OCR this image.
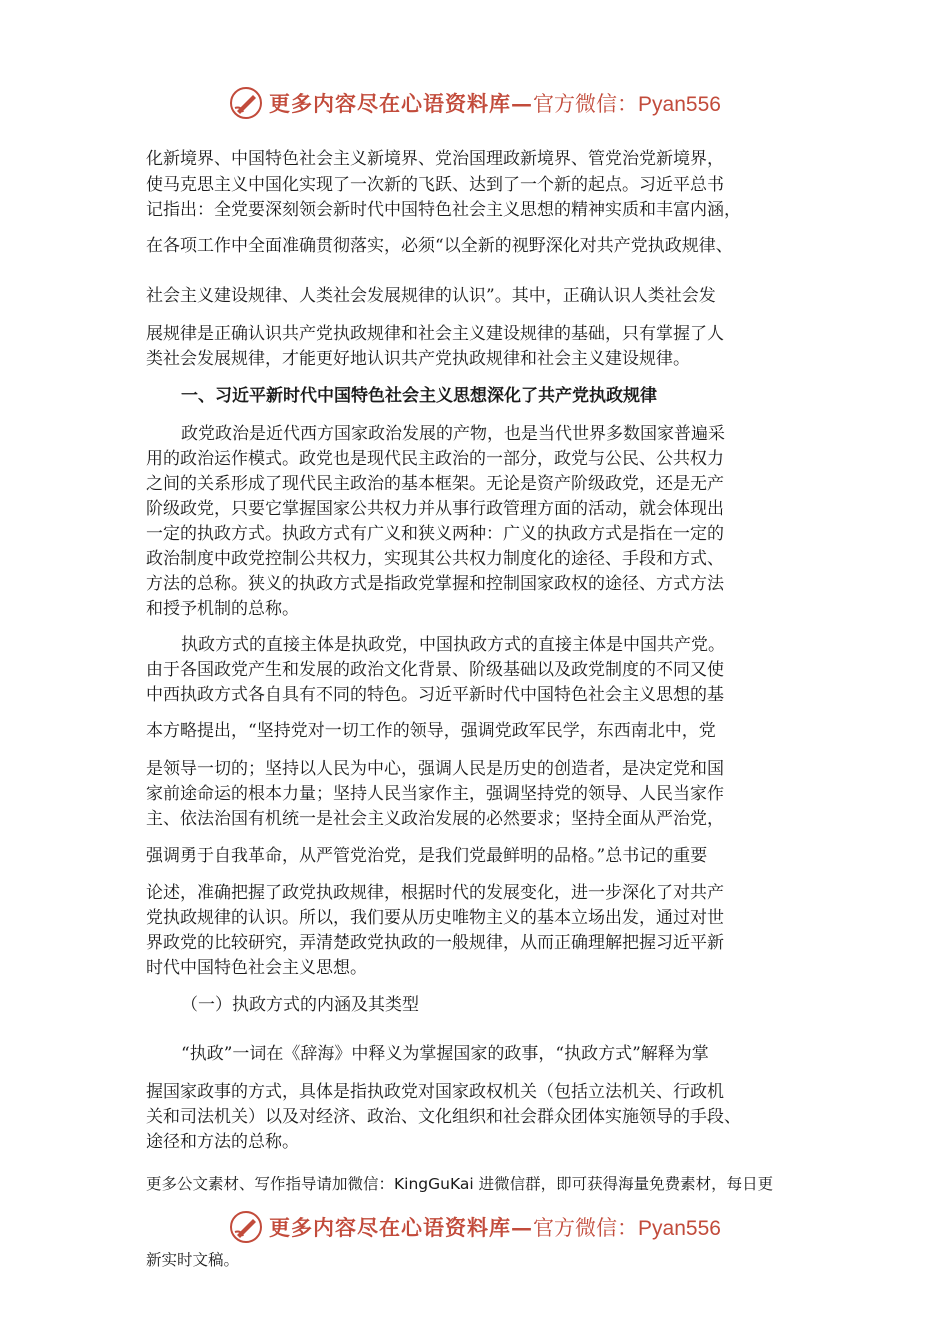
更多内容尽在心语资料库— 官方微信：Pyan556
化新境界、中国特色社会主义新境界、党治国理政新境界、管党治党新境界，
使马克思主义中国化实现了一次新的飞跃、达到了一个新的起点。习近平总书
记指出：全党要深刻领会新时代中国特色社会主义思想的精神实质和丰富内涵，
在各项工作中全面准确贯彻落实，必须“以全新的视野深化对共产党执政规律、
社会主义建设规律、人类社会发展规律的认识”。其中，正确认识人类社会发
展规律是正确认识共产党执政规律和社会主义建设规律的基础，只有掌握了人
类社会发展规律，才能更好地认识共产党执政规律和社会主义建设规律。
一、习近平新时代中国特色社会主义思想深化了共产党执政规律
政党政治是近代西方国家政治发展的产物，也是当代世界多数国家普遍采
用的政治运作模式。政党也是现代民主政治的一部分，政党与公民、公共权力
之间的关系形成了现代民主政治的基本框架。无论是资产阶级政党，还是无产
阶级政党，只要它掌握国家公共权力并从事行政管理方面的活动，就会体现出
一定的执政方式。执政方式有广义和狭义两种：广义的执政方式是指在一定的
政治制度中政党控制公共权力，实现其公共权力制度化的途径、手段和方式、
方法的总称。狭义的执政方式是指政党掌握和控制国家政权的途径、方式方法
和授予机制的总称。
执政方式的直接主体是执政党，中国执政方式的直接主体是中国共产党。
由于各国政党产生和发展的政治文化背景、阶级基础以及政党制度的不同又使
中西执政方式各自具有不同的特色。习近平新时代中国特色社会主义思想的基
本方略提出，“坚持党对一切工作的领导，强调党政军民学，东西南北中，党
是领导一切的；坚持以人民为中心，强调人民是历史的创造者，是决定党和国
家前途命运的根本力量；坚持人民当家作主，强调坚持党的领导、人民当家作
主、依法治国有机统一是社会主义政治发展的必然要求；坚持全面从严治党，
强调勇于自我革命，从严管党治党，是我们党最鲜明的品格。”总书记的重要
论述，准确把握了政党执政规律，根据时代的发展变化，进一步深化了对共产
党执政规律的认识。所以，我们要从历史唯物主义的基本立场出发，通过对世
界政党的比较研究，弄清楚政党执政的一般规律，从而正确理解把握习近平新
时代中国特色社会主义思想。
（一）执政方式的内涵及其类型
“执政”一词在《辞海》中释义为掌握国家的政事，“执政方式”解释为掌
握国家政事的方式，具体是指执政党对国家政权机关（包括立法机关、行政机
关和司法机关）以及对经济、政治、文化组织和社会群众团体实施领导的手段、
途径和方法的总称。
更多公文素材、写作指导请加微信：KingGuKai 进微信群，即可获得海量免费素材，每日更
更多内容尽在心语资料库— 官方微信：Pyan556
新实时文稿。
